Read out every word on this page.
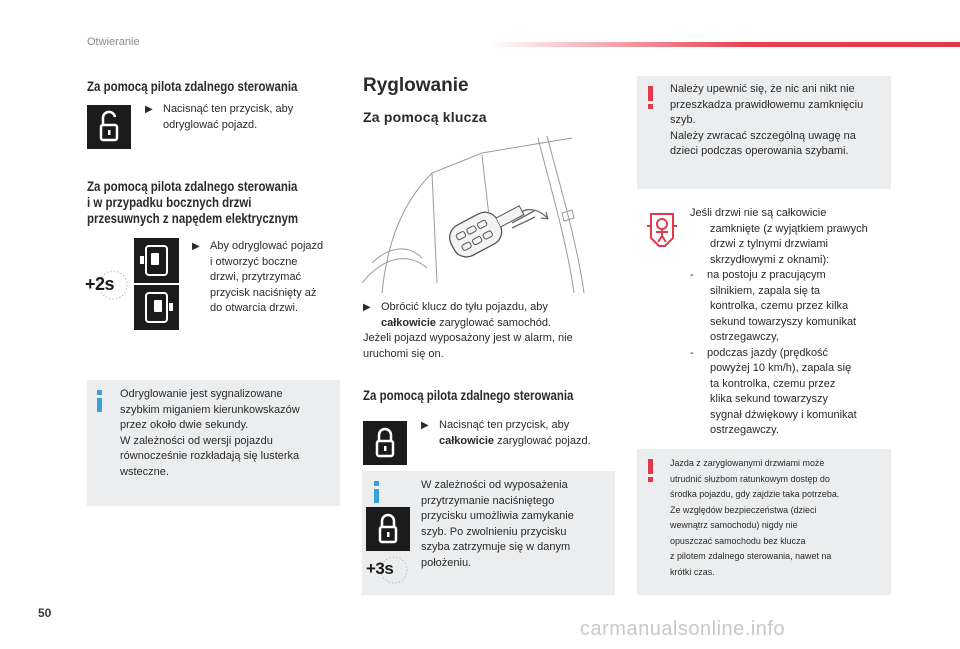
Otwieranie
Za pomocą pilota zdalnego sterowania
▶ Nacisnąć ten przycisk, aby
odryglować pojazd.
Za pomocą pilota zdalnego sterowania
i w przypadku bocznych drzwi
przesuwnych z napędem elektrycznym
+2s
▶ Aby odryglować pojazd
i otworzyć boczne
drzwi, przytrzymać
przycisk naciśnięty aż
do otwarcia drzwi.
Odryglowanie jest sygnalizowane
szybkim miganiem kierunkowskazów
przez około dwie sekundy.
W zależności od wersji pojazdu
równocześnie rozkładają się lusterka
wsteczne.
Ryglowanie
Za pomocą klucza
▶ Obrócić klucz do tyłu pojazdu, aby
całkowicie zaryglować samochód.
Jeżeli pojazd wyposażony jest w alarm, nie
uruchomi się on.
Za pomocą pilota zdalnego sterowania
▶ Nacisnąć ten przycisk, aby
całkowicie zaryglować pojazd.
+3s
W zależności od wyposażenia
przytrzymanie naciśniętego
przycisku umożliwia zamykanie
szyb. Po zwolnieniu przycisku
szyba zatrzymuje się w danym
położeniu.
Należy upewnić się, że nic ani nikt nie
przeszkadza prawidłowemu zamknięciu
szyb.
Należy zwracać szczególną uwagę na
dzieci podczas operowania szybami.
Jeśli drzwi nie są całkowicie
zamknięte (z wyjątkiem prawych
drzwi z tylnymi drzwiami
skrzydłowymi z oknami):
-	na postoju z pracującym
silnikiem, zapala się ta
kontrolka, czemu przez kilka
sekund towarzyszy komunikat
ostrzegawczy,
-	podczas jazdy (prędkość
powyżej 10 km/h), zapala się
ta kontrolka, czemu przez
klika sekund towarzyszy
sygnał dźwiękowy i komunikat
ostrzegawczy.
Jazda z zaryglowanymi drzwiami może
utrudnić służbom ratunkowym dostęp do
środka pojazdu, gdy zajdzie taka potrzeba.
Ze względów bezpieczeństwa (dzieci
wewnątrz samochodu) nigdy nie
opuszczać samochodu bez klucza
z pilotem zdalnego sterowania, nawet na
krótki czas.
50
carmanualsonline.info
